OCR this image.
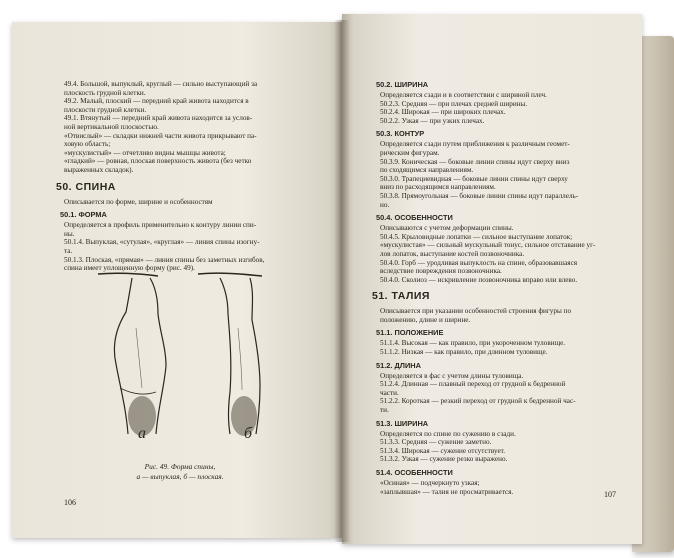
49.4. Большой, выпуклый, круглый — сильно выступающий за

плоскость грудной клетки.

49.2. Малый, плоский — передний край живота находится в

плоскости грудной клетки.

49.1. Втянутый — передний край живота находится за услов-

ной вертикальной плоскостью.

«Отвислый» — складки нижней части живота прикрывают па-

ховую область;

«мускулистый» — отчетливо видны мышцы живота;

«гладкий» — ровная, плоская поверхность живота (без четко

выраженных складок).

50. СПИНА

Описывается по форме, ширине и особенностям

50.1. ФОРМА

Определяется в профиль применительно к контуру линии спи-

ны.

50.1.4. Выпуклая, «сутулая», «круглая» — линия спины изогну-

та.

50.1.3. Плоская, «прямая» — линия спины без заметных изгибов,

спина имеет уплощенную форму (рис. 49).

а	б
Рис. 49. Форма спины,
а — выпуклая, б — плоская.
106
50.2. ШИРИНА
Определяется сзади и в соответствии с шириной плеч.
50.2.3. Средняя — при плечах средней ширины.
50.2.4. Широкая — при широких плечах.
50.2.2. Узкая — при узких плечах.
50.3. КОНТУР
Определяется сзади путем приближения к различным геомет-
рическим фигурам.
50.3.9. Коническая — боковые линии спины идут сверху вниз
по сходящимся направлениям.
50.3.0. Трапециевидная — боковые линии спины идут сверху
вниз по расходящимся направлениям.
50.3.8. Прямоугольная — боковые линии спины идут параллель-
но.
50.4. ОСОБЕННОСТИ
Описываются с учетом деформации спины.
50.4.5. Крыловидные лопатки — сильное выступание лопаток;
«мускулистая» — сильный мускульный тонус, сильное отставание уг-
лов лопаток, выступание костей позвоночника.
50.4.0. Горб — уродливая выпуклость на спине, образовавшаяся
вследствие повреждения позвоночника.
50.4.0. Сколиоз — искривление позвоночника вправо или влево.
51. ТАЛИЯ
Описывается при указании особенностей строения фигуры по
положению, длине и ширине.
51.1. ПОЛОЖЕНИЕ
51.1.4. Высокая — как правило, при укороченном туловище.
51.1.2. Низкая — как правило, при длинном туловище.
51.2. ДЛИНА
Определяется в фас с учетом длины туловища.
51.2.4. Длинная — плавный переход от грудной к бедренной
части.
51.2.2. Короткая — резкий переход от грудной к бедренной час-
ти.
51.3. ШИРИНА
Определяется по спине по сужению в сзади.
51.3.3. Средняя — сужение заметно.
51.3.4. Широкая — сужение отсутствует.
51.3.2. Узкая — сужение резко выражено.
51.4. ОСОБЕННОСТИ
«Осиная» — подчеркнуто узкая;
«заплывшая» — талия не просматривается.	107
